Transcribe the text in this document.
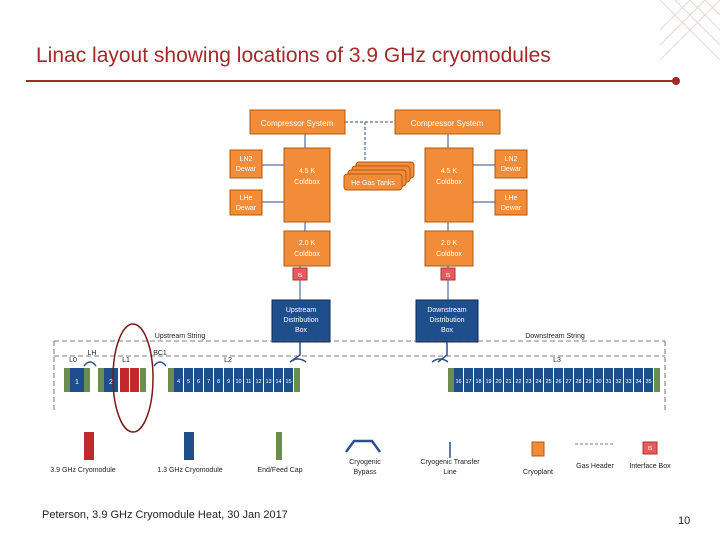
Linac layout showing locations of 3.9 GHz cryomodules
Compressor System	Compressor System
LN2
Dewar
LHe
Dewar
4.5 K
Coldbox	He Gas Tanks
4.5 K
Coldbox
LN2
Dewar
LHe
Dewar
2.0 K
Coldbox
2.0 K
Coldbox
IS	IS
Upstream
Distribution
Box
Downstream
Distribution
Box
Upstream String	Downstream String
L0
LH
L1
BC1
L2	L3
1	2	4 5 6 7 8 9 10 11 12 13 14 15	16 17 18 19 20 21 22 23 24 25 26 27 28 29 30 31 32 33 34 35
3.9 GHz Cryomodule	1.3 GHz Cryomodule	End/Feed Cap
Cryogenic
Bypass
Cryogenic Transfer
Line	Cryoplant
Gas Header
IS
Interface Box
Peterson, 3.9 GHz Cryomodule Heat, 30 Jan 2017	10
